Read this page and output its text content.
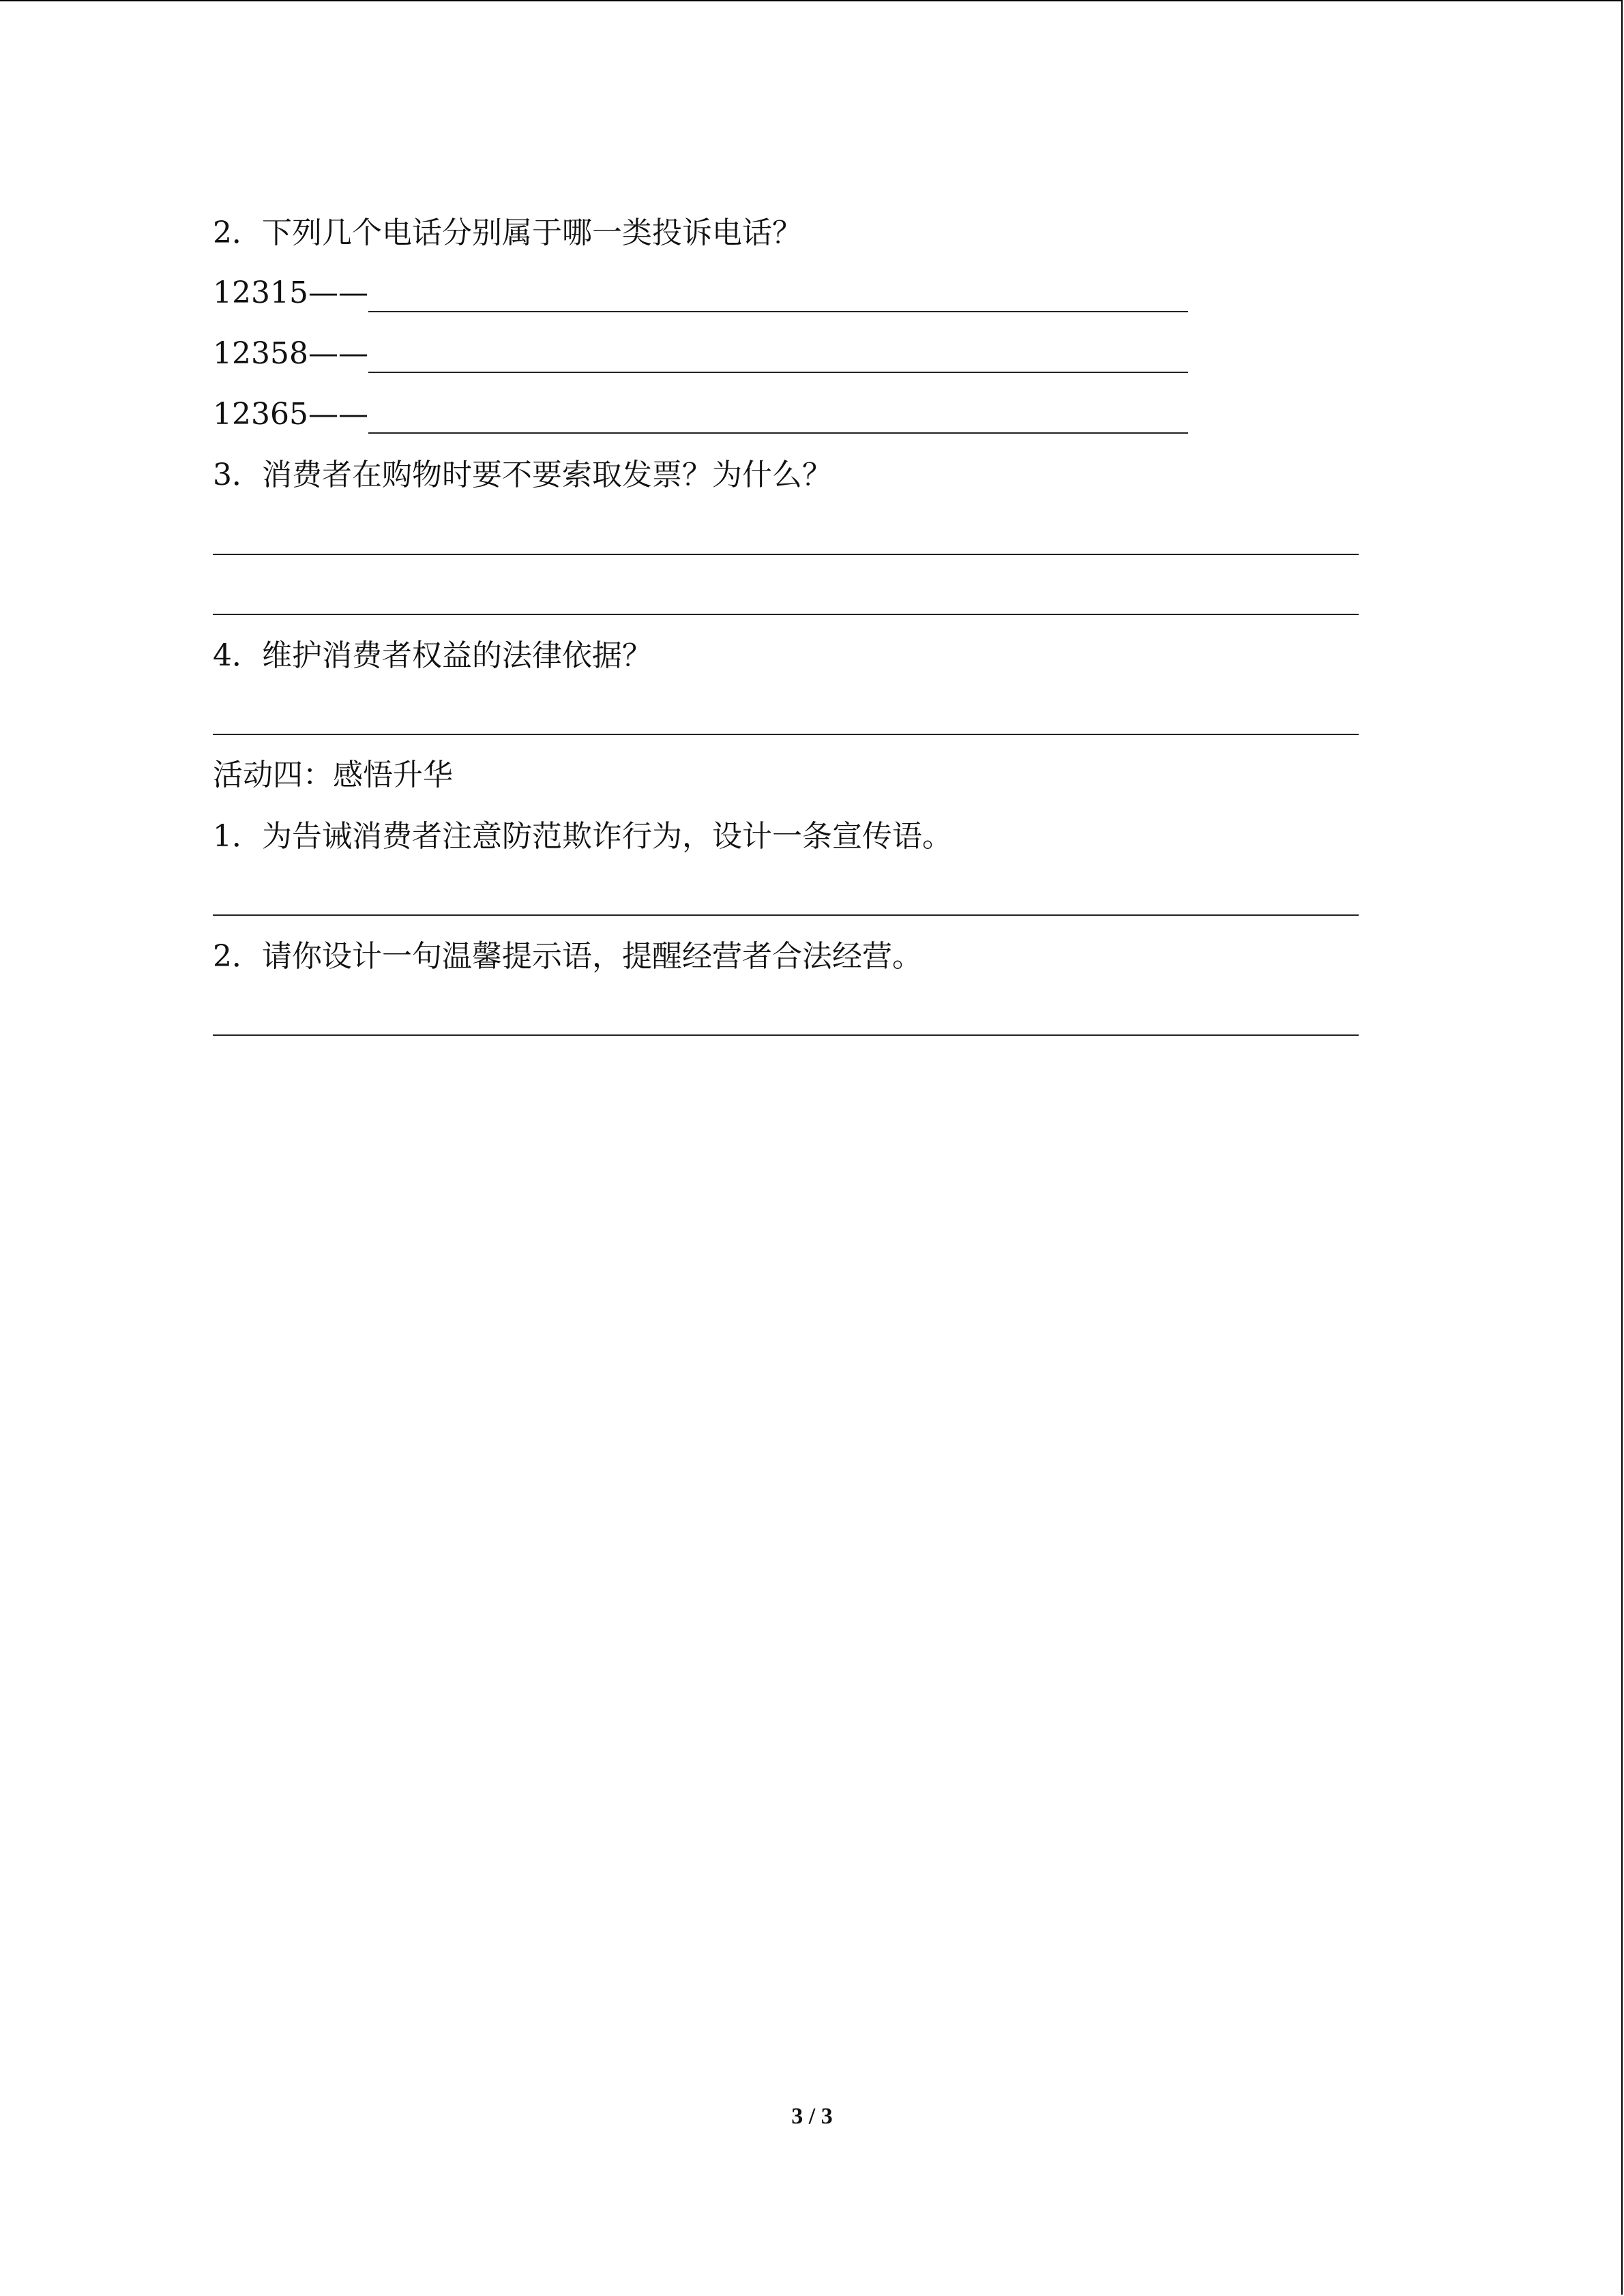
2．下列几个电话分别属于哪一类投诉电话？
12315——
12358——
12365——
3．消费者在购物时要不要索取发票？为什么？
4．维护消费者权益的法律依据？
活动四：感悟升华
1．为告诫消费者注意防范欺诈行为，设计一条宣传语。
2．请你设计一句温馨提示语，提醒经营者合法经营。
3 / 3
